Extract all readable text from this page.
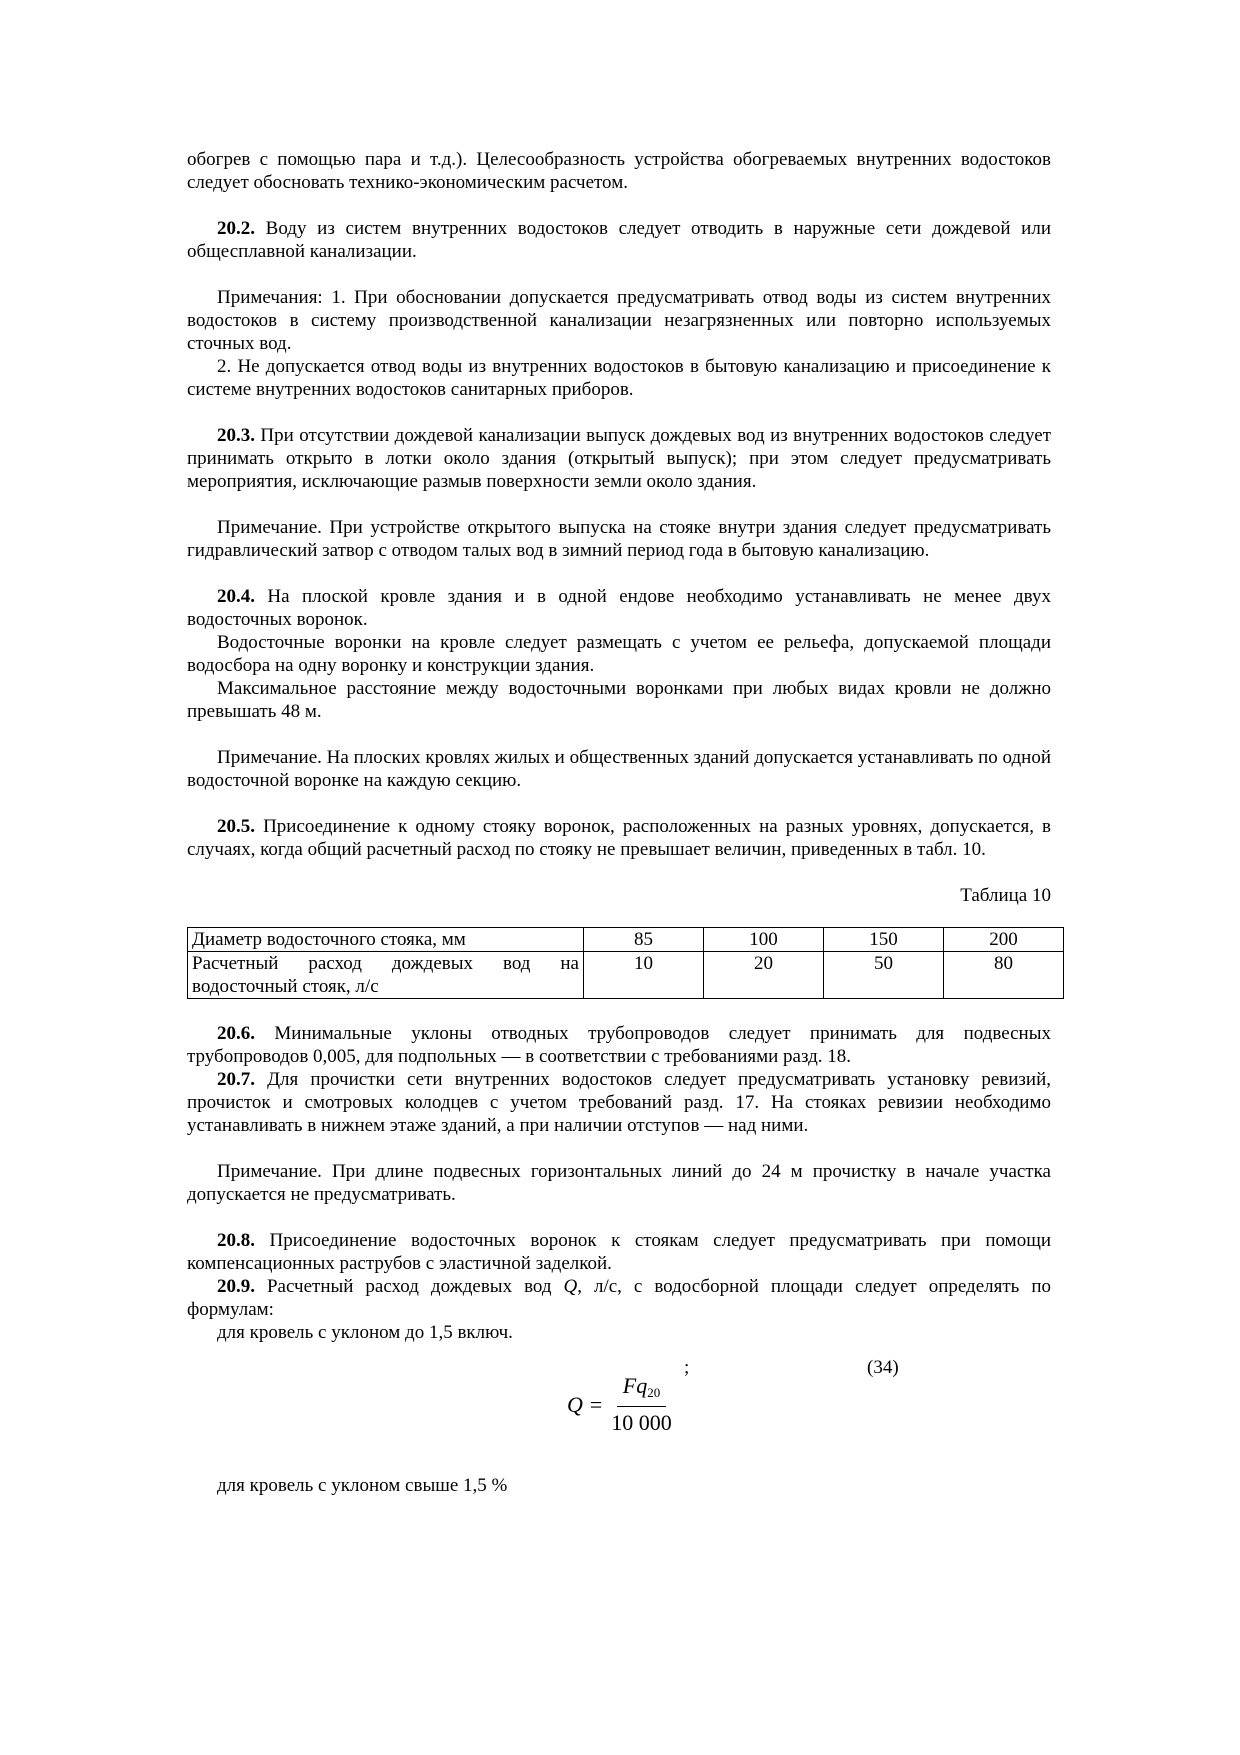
обогрев с помощью пара и т.д.). Целесообразность устройства обогреваемых внутренних водостоков следует обосновать технико-экономическим расчетом.

20.2. Воду из систем внутренних водостоков следует отводить в наружные сети дождевой или общесплавной канализации.

Примечания: 1. При обосновании допускается предусматривать отвод воды из систем внутренних водостоков в систему производственной канализации незагрязненных или повторно используемых сточных вод.

2. Не допускается отвод воды из внутренних водостоков в бытовую канализацию и присоединение к системе внутренних водостоков санитарных приборов.

20.3. При отсутствии дождевой канализации выпуск дождевых вод из внутренних водостоков следует принимать открыто в лотки около здания (открытый выпуск); при этом следует предусматривать мероприятия, исключающие размыв поверхности земли около здания.

Примечание. При устройстве открытого выпуска на стояке внутри здания следует предусматривать гидравлический затвор с отводом талых вод в зимний период года в бытовую канализацию.

20.4. На плоской кровле здания и в одной ендове необходимо устанавливать не менее двух водосточных воронок.

Водосточные воронки на кровле следует размещать с учетом ее рельефа, допускаемой площади водосбора на одну воронку и конструкции здания.

Максимальное расстояние между водосточными воронками при любых видах кровли не должно превышать 48 м.

Примечание. На плоских кровлях жилых и общественных зданий допускается устанавливать по одной водосточной воронке на каждую секцию.

20.5. Присоединение к одному стояку воронок, расположенных на разных уровнях, допускается, в случаях, когда общий расчетный расход по стояку не превышает величин, приведенных в табл. 10.

Таблица 10

Диаметр водосточного стояка, мм	85	100	150	200
Расчетный расход дождевых вод на водосточный стояк, л/с	10	20	50	80

20.6. Минимальные уклоны отводных трубопроводов следует принимать для подвесных трубопроводов 0,005, для подпольных — в соответствии с требованиями разд. 18.

20.7. Для прочистки сети внутренних водостоков следует предусматривать установку ревизий, прочисток и смотровых колодцев с учетом требований разд. 17. На стояках ревизии необходимо устанавливать в нижнем этаже зданий, а при наличии отступов — над ними.

Примечание. При длине подвесных горизонтальных линий до 24 м прочистку в начале участка допускается не предусматривать.

20.8. Присоединение водосточных воронок к стоякам следует предусматривать при помощи компенсационных раструбов с эластичной заделкой.

20.9. Расчетный расход дождевых вод Q, л/с, с водосборной площади следует определять по формулам:

для кровель с уклоном до 1,5 включ.

;	(34)
$Q = \frac{Fq_{20}}{10 000}$

для кровель с уклоном свыше 1,5 %
